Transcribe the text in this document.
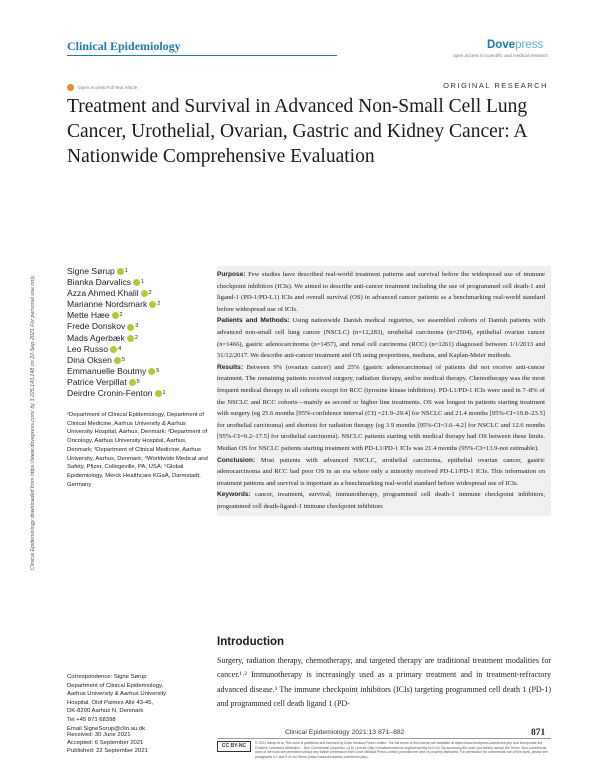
Clinical Epidemiology	Dovepress
open access to scientific and medical research
Open Access Full Text Article	ORIGINAL RESEARCH
Treatment and Survival in Advanced Non-Small Cell Lung Cancer, Urothelial, Ovarian, Gastric and Kidney Cancer: A Nationwide Comprehensive Evaluation
Clinical Epidemiology downloaded from https://www.dovepress.com/ by 3.225.143.148 on 22-Sep-2021 For personal use only.
Signe Sørup 1
Bianka Darvalics 1
Azza Ahmed Khalil 2
Marianne Nordsmark 2
Mette Hæe 2
Frede Donskov 3
Mads Agerbæk 2
Leo Russo 4
Dina Oksen 5
Emmanuelle Boutmy 5
Patrice Verpillat 5
Deirdre Cronin-Fenton 1
¹Department of Clinical Epidemiology, Department of Clinical Medicine, Aarhus University & Aarhus University Hospital, Aarhus, Denmark; ²Department of Oncology, Aarhus University Hospital, Aarhus, Denmark; ³Department of Clinical Medicine, Aarhus University, Aarhus, Denmark; ⁴Worldwide Medical and Safety, Pfizer, Collegeville, PA, USA; ⁵Global Epidemiology, Merck Healthcare KGaA, Darmstadt, Germany
Correspondence: Signe Sørup
Department of Clinical Epidemiology,
Aarhus University & Aarhus University
Hospital, Olof Palmes Allé 43-45,
DK-8200 Aarhus N, Denmark
Tel +45 871 68398
Email SigneSorup@clin.au.dk

Purpose: Few studies have described real-world treatment patterns and survival before the widespread use of immune checkpoint inhibitors (ICIs). We aimed to describe anti-cancer treatment including the use of programmed cell death-1 and ligand-1 (PD-1/PD-L1) ICIs and overall survival (OS) in advanced cancer patients as a benchmarking real-world standard before widespread use of ICIs.

Patients and Methods: Using nationwide Danish medical registries, we assembled cohorts of Danish patients with advanced non-small cell lung cancer (NSCLC) (n=12,283), urothelial carcinoma (n=2504), epithelial ovarian cancer (n=1466), gastric adenocarcinoma (n=1457), and renal cell carcinoma (RCC) (n=1261) diagnosed between 1/1/2013 and 31/12/2017. We describe anti-cancer treatment and OS using proportions, medians, and Kaplan-Meier methods.

Results: Between 9% (ovarian cancer) and 25% (gastric adenocarcinoma) of patients did not receive anti-cancer treatment. The remaining patients received surgery, radiation therapy, and/or medical therapy. Chemotherapy was the most frequent medical therapy in all cohorts except for RCC (tyrosine kinase inhibitors). PD-L1/PD-1 ICIs were used in 7–8% of the NSCLC and RCC cohorts—mainly as second or higher line treatments. OS was longest in patients starting treatment with surgery (eg 25.6 months [95%-confidence interval (CI) =21.9–29.4] for NSCLC and 21.4 months [95%-CI=19.8–23.5] for urothelial carcinoma) and shortest for radiation therapy (eg 3.9 months [95%-CI=3.6–4.2] for NSCLC and 12.6 months [95%-CI=9.2–17.5] for urothelial carcinoma). NSCLC patients starting with medical therapy had OS between these limits. Median OS for NSCLC patients starting treatment with PD-L1/PD-1 ICIs was 21.4 months (95%-CI=13.9-not estimable).

Conclusion: Most patients with advanced NSCLC, urothelial carcinoma, epithelial ovarian cancer, gastric adenocarcinoma and RCC had poor OS in an era where only a minority received PD-L1/PD-1 ICIs. This information on treatment patterns and survival is important as a benchmarking real-world standard before widespread use of ICIs.

Keywords: cancer, treatment, survival, immunotherapy, programmed cell death-1 immune checkpoint inhibitors, programmed cell death-ligand-1 immune checkpoint inhibitors

Introduction
Surgery, radiation therapy, chemotherapy, and targeted therapy are traditional treatment modalities for cancer.¹˒² Immunotherapy is increasingly used as a primary treatment and in treatment-refractory advanced disease.³ The immune checkpoint inhibitors (ICIs) targeting programmed cell death 1 (PD-1) and programmed cell death ligand 1 (PD-
Received: 30 June 2021
Accepted: 6 September 2021
Published: 22 September 2021
Clinical Epidemiology 2021:13 871–882	871
CC BY-NC	© 2021 Sørup et al. This work is published and licensed by Dove Medical Press Limited. The full terms of this license are available at https://www.dovepress.com/terms.php and incorporate the Creative Commons Attribution – Non Commercial (unported, v3.0) License (http://creativecommons.org/licenses/by-nc/3.0/). By accessing the work you hereby accept the Terms. Non-commercial uses of the work are permitted without any further permission from Dove Medical Press Limited, provided the work is properly attributed. For permission for commercial use of this work, please see paragraphs 4.2 and 5 of our Terms (https://www.dovepress.com/terms.php).
